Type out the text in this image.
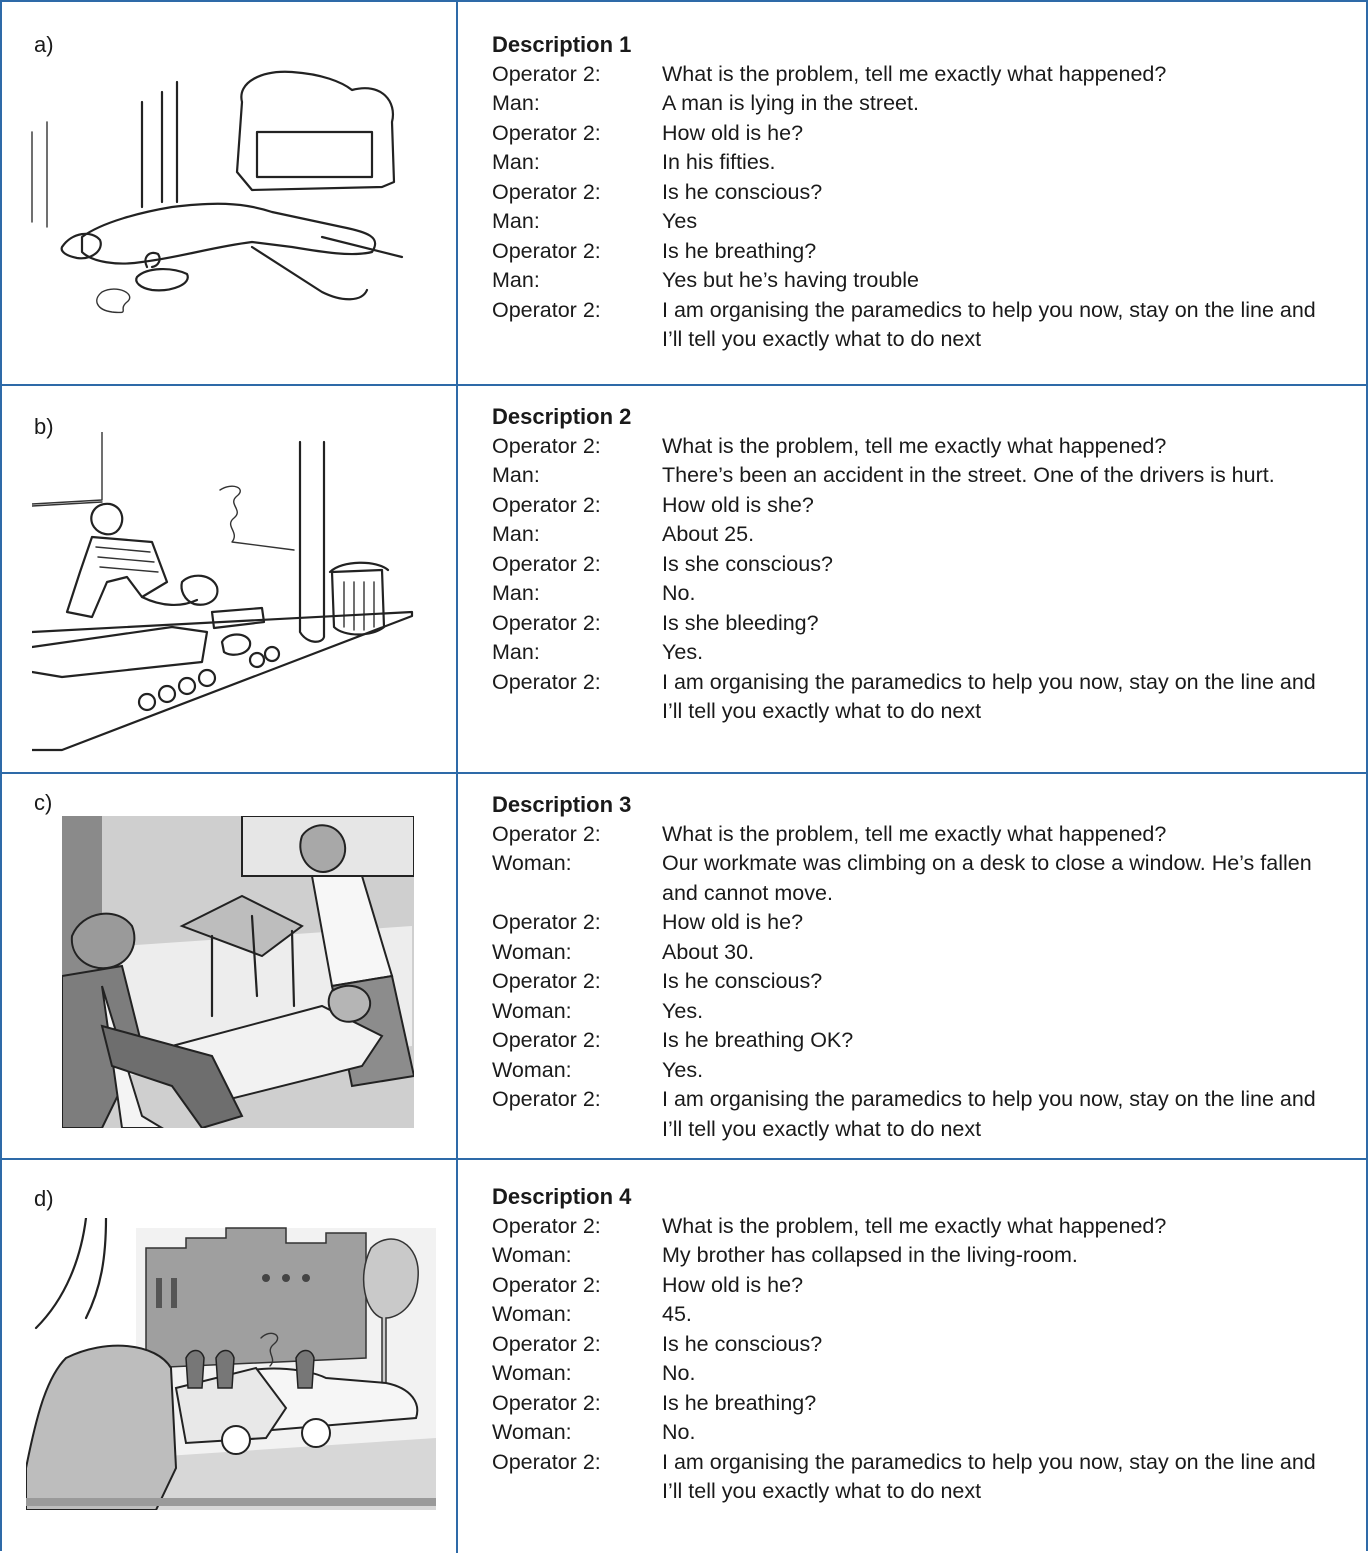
a)	Description 1
Operator 2:	What is the problem, tell me exactly what happened?
Man:	A man is lying in the street.
Operator 2:	How old is he?
Man:	In his fifties.
Operator 2:	Is he conscious?
Man:	Yes
Operator 2:	Is he breathing?
Man:	Yes but he’s having trouble
Operator 2:	I am organising the paramedics to help you now, stay on the line and I’ll tell you exactly what to do next
b)	Description 2
Operator 2:	What is the problem, tell me exactly what happened?
Man:	There’s been an accident in the street. One of the drivers is hurt.
Operator 2:	How old is she?
Man:	About 25.
Operator 2:	Is she conscious?
Man:	No.
Operator 2:	Is she bleeding?
Man:	Yes.
Operator 2:	I am organising the paramedics to help you now, stay on the line and I’ll tell you exactly what to do next
c)	Description 3
Operator 2:	What is the problem, tell me exactly what happened?
Woman:	Our workmate was climbing on a desk to close a window. He’s fallen and cannot move.
Operator 2:	How old is he?
Woman:	About 30.
Operator 2:	Is he conscious?
Woman:	Yes.
Operator 2:	Is he breathing OK?
Woman:	Yes.
Operator 2:	I am organising the paramedics to help you now, stay on the line and I’ll tell you exactly what to do next
d)	Description 4
Operator 2:	What is the problem, tell me exactly what happened?
Woman:	My brother has collapsed in the living-room.
Operator 2:	How old is he?
Woman:	45.
Operator 2:	Is he conscious?
Woman:	No.
Operator 2:	Is he breathing?
Woman:	No.
Operator 2:	I am organising the paramedics to help you now, stay on the line and I’ll tell you exactly what to do next
